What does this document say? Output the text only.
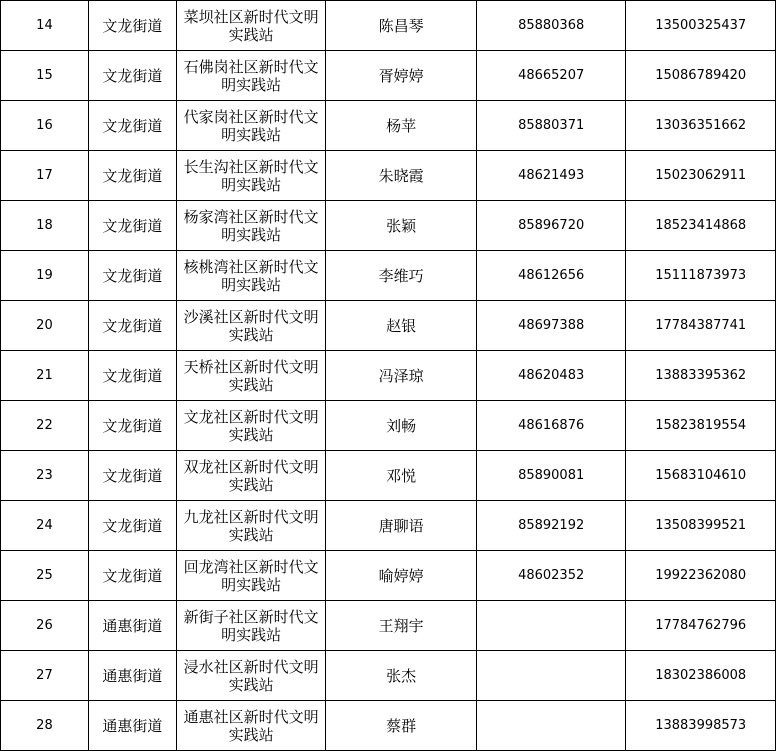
14	文龙街道	菜坝社区新时代文明实践站	陈昌琴	85880368	13500325437
15	文龙街道	石佛岗社区新时代文明实践站	胥婷婷	48665207	15086789420
16	文龙街道	代家岗社区新时代文明实践站	杨苹	85880371	13036351662
17	文龙街道	长生沟社区新时代文明实践站	朱晓霞	48621493	15023062911
18	文龙街道	杨家湾社区新时代文明实践站	张颖	85896720	18523414868
19	文龙街道	核桃湾社区新时代文明实践站	李维巧	48612656	15111873973
20	文龙街道	沙溪社区新时代文明实践站	赵银	48697388	17784387741
21	文龙街道	天桥社区新时代文明实践站	冯泽琼	48620483	13883395362
22	文龙街道	文龙社区新时代文明实践站	刘畅	48616876	15823819554
23	文龙街道	双龙社区新时代文明实践站	邓悦	85890081	15683104610
24	文龙街道	九龙社区新时代文明实践站	唐聊语	85892192	13508399521
25	文龙街道	回龙湾社区新时代文明实践站	喻婷婷	48602352	19922362080
26	通惠街道	新街子社区新时代文明实践站	王翔宇		17784762796
27	通惠街道	浸水社区新时代文明实践站	张杰		18302386008
28	通惠街道	通惠社区新时代文明实践站	蔡群		13883998573
